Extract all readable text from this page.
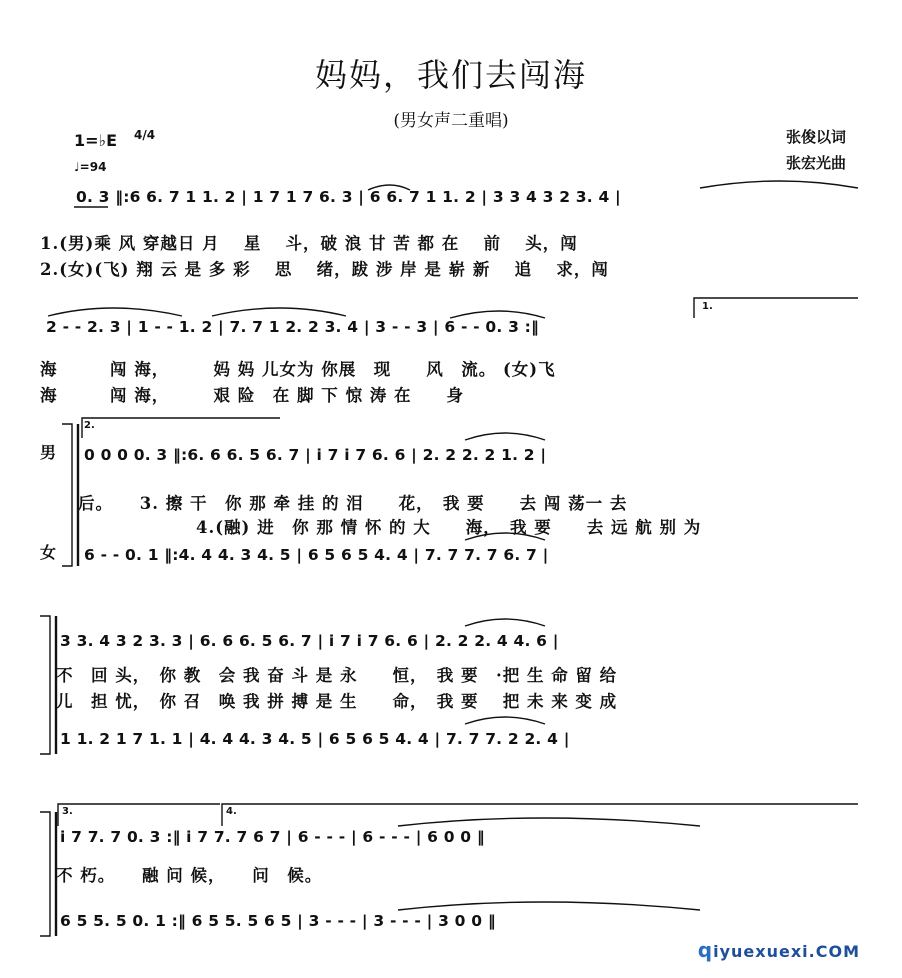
妈妈，我们去闯海
(男女声二重唱)
1=♭E 4/4
♩=94
张俊以词
张宏光曲
0. 3 ‖:6 6. 7 1 1. 2 | 1 7 1 7 6. 3 | 6 6. 7 1 1. 2 | 3 3 4 3 2 3. 4 |
1.(男)乘 风 穿越日 月　 星　 斗，破 浪 甘 苦 都 在　 前　 头，闯
2.(女)(飞) 翔 云 是 多 彩　 思　 绪，跋 涉 岸 是 崭 新　 追　 求，闯
1.
2 - - 2. 3 | 1 - - 1. 2 | 7. 7 1 2. 2 3. 4 | 3 - - 3 | 6 - - 0. 3 :‖
海　　　闯 海，　　　妈 妈 儿女为 你展　现　　风　流。 (女)飞
海　　　闯 海，　　　艰 险　在 脚 下 惊 涛 在　　身
2.
男
女
0 0 0 0. 3 ‖:6. 6 6. 5 6. 7 | i 7 i 7 6. 6 | 2. 2 2. 2 1. 2 |
后。　　3. 擦 干　你 那 牵 挂 的 泪　　花，　我 要　　去 闯 荡一 去
4.(融) 进　你 那 情 怀 的 大　　海，　我 要　　去 远 航 别 为
6 - - 0. 1 ‖:4. 4 4. 3 4. 5 | 6 5 6 5 4. 4 | 7. 7 7. 7 6. 7 |
3 3. 4 3 2 3. 3 | 6. 6 6. 5 6. 7 | i 7 i 7 6. 6 | 2. 2 2. 4 4. 6 |
不　回 头，　你 教　会 我 奋 斗 是 永　　恒，　我 要　·把 生 命 留 给
儿　担 忧，　你 召　唤 我 拼 搏 是 生　　命，　我 要　 把 未 来 变 成
1 1. 2 1 7 1. 1 | 4. 4 4. 3 4. 5 | 6 5 6 5 4. 4 | 7. 7 7. 2 2. 4 |
3.	4.
i 7 7. 7 0. 3 :‖ i 7 7. 7 6 7 | 6 - - - | 6 - - - | 6 0 0 ‖
不 朽。　　融 问 候，　　问　候。
6 5 5. 5 0. 1 :‖ 6 5 5. 5 6 5 | 3 - - - | 3 - - - | 3 0 0 ‖
qiyuexuexi.COM
